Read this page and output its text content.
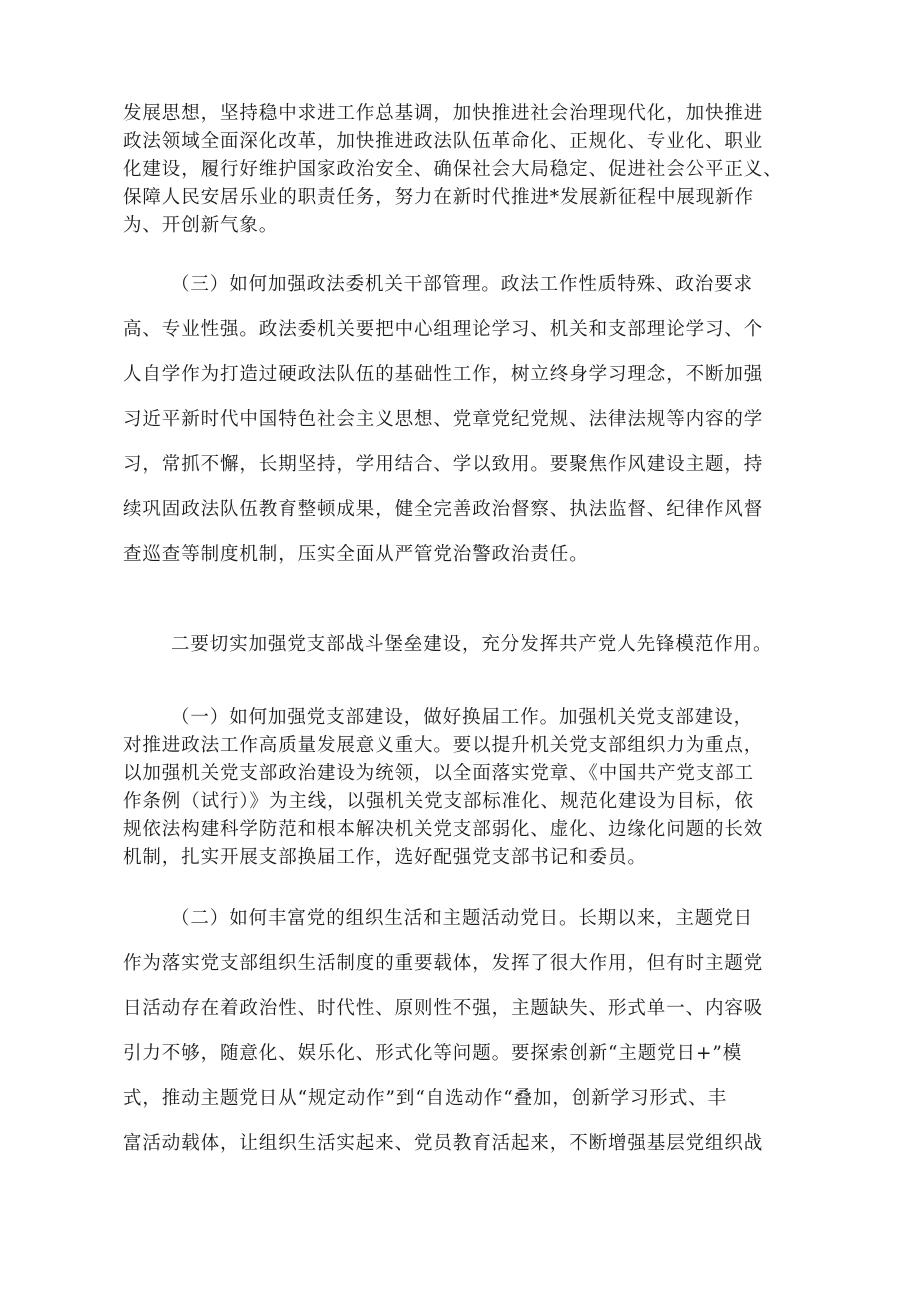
发展思想，坚持稳中求进工作总基调，加快推进社会治理现代化，加快推进
政法领域全面深化改革，加快推进政法队伍革命化、正规化、专业化、职业
化建设，履行好维护国家政治安全、确保社会大局稳定、促进社会公平正义、
保障人民安居乐业的职责任务，努力在新时代推进*发展新征程中展现新作
为、开创新气象。
（三）如何加强政法委机关干部管理。政法工作性质特殊、政治要求
高、专业性强。政法委机关要把中心组理论学习、机关和支部理论学习、个
人自学作为打造过硬政法队伍的基础性工作，树立终身学习理念，不断加强
习近平新时代中国特色社会主义思想、党章党纪党规、法律法规等内容的学
习，常抓不懈，长期坚持，学用结合、学以致用。要聚焦作风建设主题，持
续巩固政法队伍教育整顿成果，健全完善政治督察、执法监督、纪律作风督
查巡查等制度机制，压实全面从严管党治警政治责任。
二要切实加强党支部战斗堡垒建设，充分发挥共产党人先锋模范作用。
（一）如何加强党支部建设，做好换届工作。加强机关党支部建设，
对推进政法工作高质量发展意义重大。要以提升机关党支部组织力为重点，
以加强机关党支部政治建设为统领，以全面落实党章、《中国共产党支部工
作条例（试行）》为主线，以强机关党支部标准化、规范化建设为目标，依
规依法构建科学防范和根本解决机关党支部弱化、虚化、边缘化问题的长效
机制，扎实开展支部换届工作，选好配强党支部书记和委员。
（二）如何丰富党的组织生活和主题活动党日。长期以来，主题党日
作为落实党支部组织生活制度的重要载体，发挥了很大作用，但有时主题党
日活动存在着政治性、时代性、原则性不强，主题缺失、形式单一、内容吸
引力不够，随意化、娱乐化、形式化等问题。要探索创新“主题党日+”模
式，推动主题党日从“规定动作”到“自选动作“叠加，创新学习形式、丰
富活动载体，让组织生活实起来、党员教育活起来，不断增强基层党组织战
